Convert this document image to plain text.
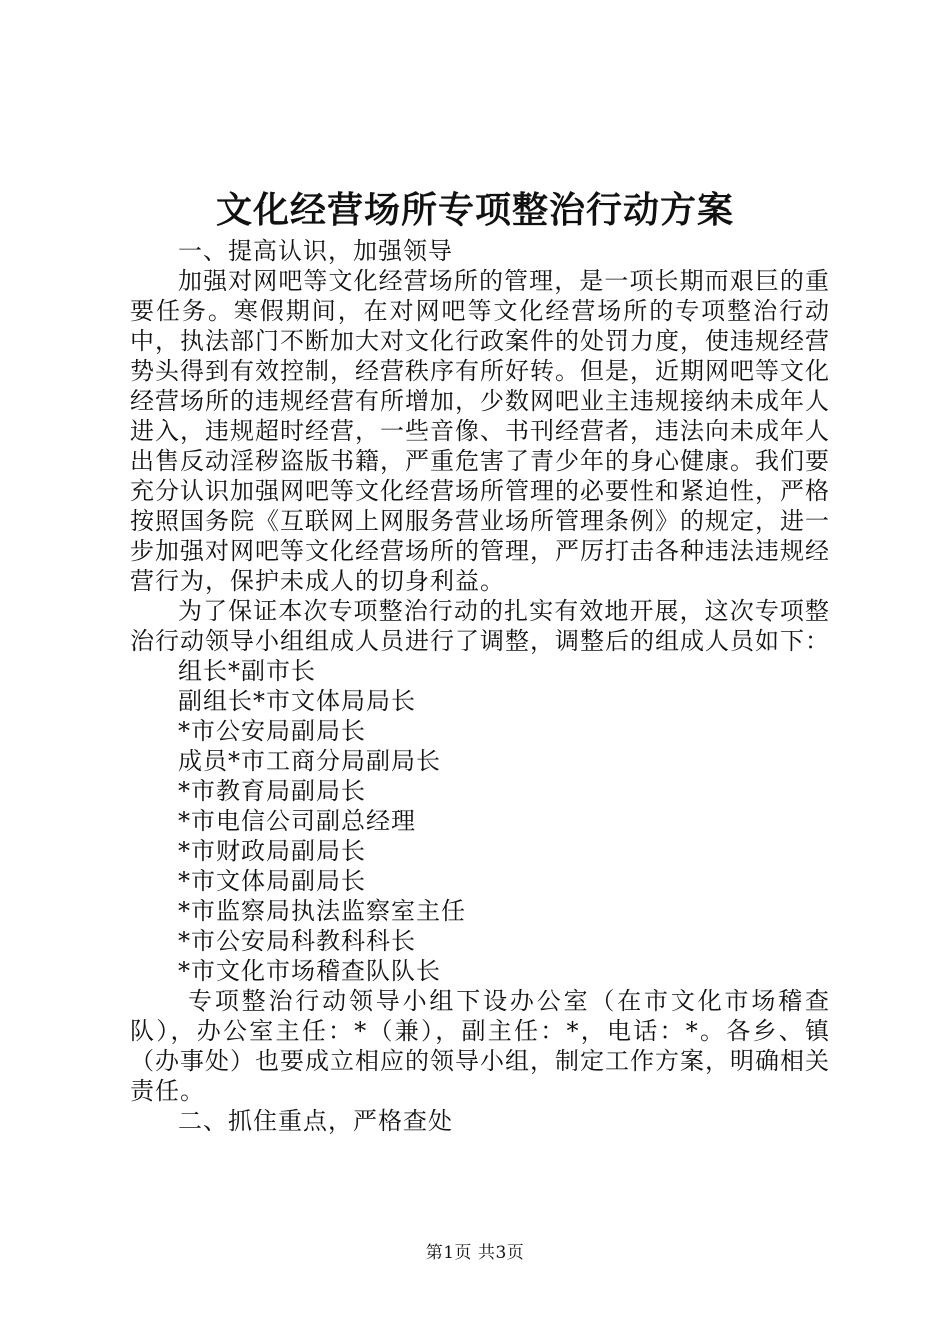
文化经营场所专项整治行动方案

一、提高认识，加强领导

加强对网吧等文化经营场所的管理，是一项长期而艰巨的重要任务。寒假期间，在对网吧等文化经营场所的专项整治行动中，执法部门不断加大对文化行政案件的处罚力度，使违规经营势头得到有效控制，经营秩序有所好转。但是，近期网吧等文化经营场所的违规经营有所增加，少数网吧业主违规接纳未成年人进入，违规超时经营，一些音像、书刊经营者，违法向未成年人出售反动淫秽盗版书籍，严重危害了青少年的身心健康。我们要充分认识加强网吧等文化经营场所管理的必要性和紧迫性，严格按照国务院《互联网上网服务营业场所管理条例》的规定，进一步加强对网吧等文化经营场所的管理，严厉打击各种违法违规经营行为，保护未成人的切身利益。

为了保证本次专项整治行动的扎实有效地开展，这次专项整治行动领导小组组成人员进行了调整，调整后的组成人员如下：

组长*副市长

副组长*市文体局局长

*市公安局副局长

成员*市工商分局副局长

*市教育局副局长

*市电信公司副总经理

*市财政局副局长

*市文体局副局长

*市监察局执法监察室主任

*市公安局科教科科长

*市文化市场稽查队队长

专项整治行动领导小组下设办公室（在市文化市场稽查队），办公室主任：*（兼），副主任：*，电话：*。各乡、镇（办事处）也要成立相应的领导小组，制定工作方案，明确相关责任。

二、抓住重点，严格查处

第1页 共3页
